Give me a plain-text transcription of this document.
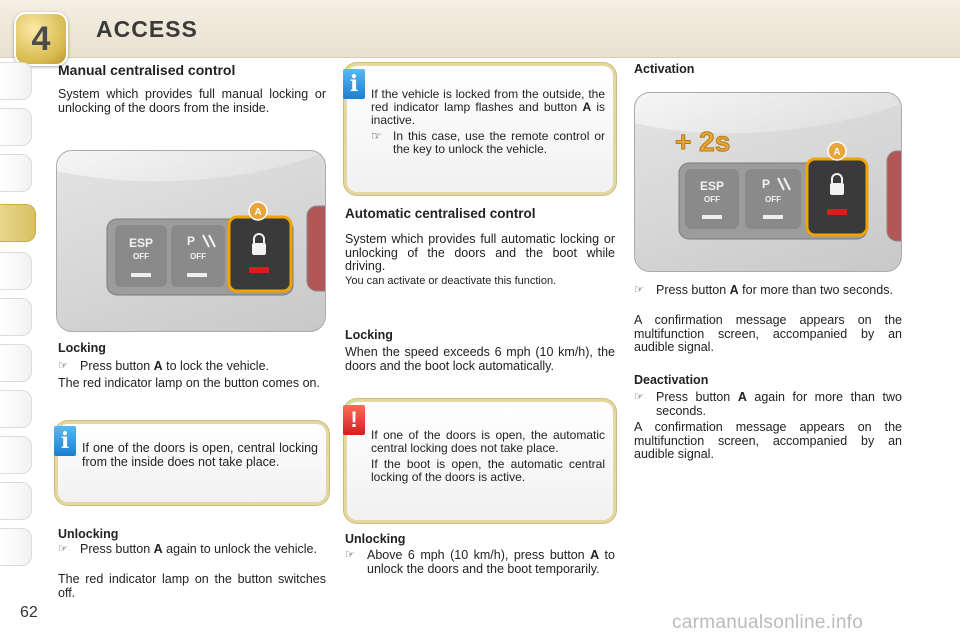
4	ACCESS
Manual centralised control
System which provides full manual locking or unlocking of the doors from the inside.
ESP
OFF
P
OFF
A
Locking
☞ Press button A to lock the vehicle.
The red indicator lamp on the button comes on.
If one of the doors is open, central locking from the inside does not take place.
i
Unlocking
☞ Press button A again to unlock the vehicle.
The red indicator lamp on the button switches off.

If the vehicle is locked from the outside, the red indicator lamp flashes and button A is inactive.

☞ In this case, use the remote control or the key to unlock the vehicle.

i
Automatic centralised control
System which provides full automatic locking or unlocking of the doors and the boot while driving.
You can activate or deactivate this function.
Locking
When the speed exceeds 6 mph (10 km/h), the doors and the boot lock automatically.

If one of the doors is open, the automatic central locking does not take place.

If the boot is open, the automatic central locking of the doors is active.

!
Unlocking
☞ Above 6 mph (10 km/h), press button A to unlock the doors and the boot temporarily.
Activation
ESP
OFF
P
OFF
A
+ 2s
☞ Press button A for more than two seconds.
A confirmation message appears on the multifunction screen, accompanied by an audible signal.
Deactivation
☞ Press button A again for more than two seconds.
A confirmation message appears on the multifunction screen, accompanied by an audible signal.
62	carmanualsonline.info
